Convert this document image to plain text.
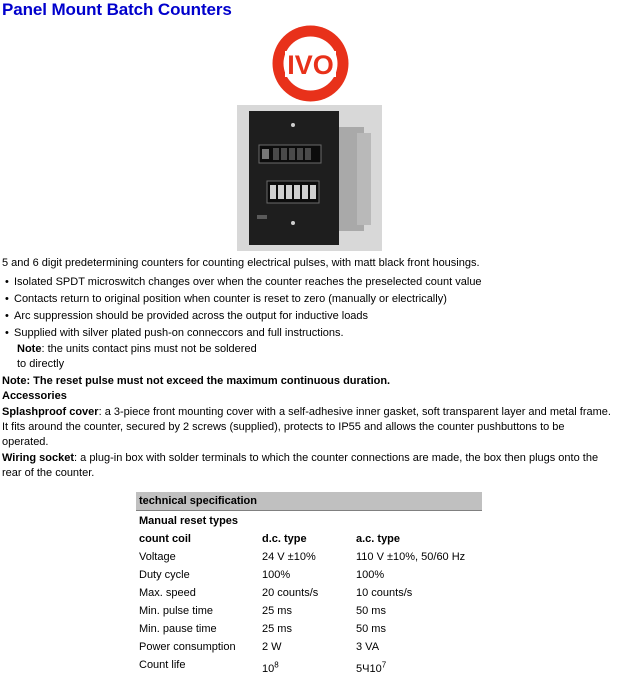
Panel Mount Batch Counters
IVO

5 and 6 digit predetermining counters for counting electrical pulses, with matt black front housings.

• Isolated SPDT microswitch changes over when the counter reaches the preselected count value
• Contacts return to original position when counter is reset to zero (manually or electrically)
• Arc suppression should be provided across the output for inductive loads
• Supplied with silver plated push-on conneccors and full instructions.
Note: the units contact pins must not be soldered
to directly

Note: The reset pulse must not exceed the maximum continuous duration.

Accessories

Splashproof cover: a 3-piece front mounting cover with a self-adhesive inner gasket, soft transparent layer and metal frame. It fits around the counter, secured by 2 screws (supplied), protects to IP55 and allows the counter pushbuttons to be operated.

Wiring socket: a plug-in box with solder terminals to which the counter connections are made, the box then plugs onto the rear of the counter.

technical specification
Manual reset types
count coil	d.c. type	a.c. type
Voltage	24 V ±10%	110 V ±10%, 50/60 Hz
Duty cycle	100%	100%
Max. speed	20 counts/s	10 counts/s
Min. pulse time	25 ms	50 ms
Min. pause time	25 ms	50 ms
Power consumption 2 W	3 VA
Count life	$10^8$	$5Ч10^7$
